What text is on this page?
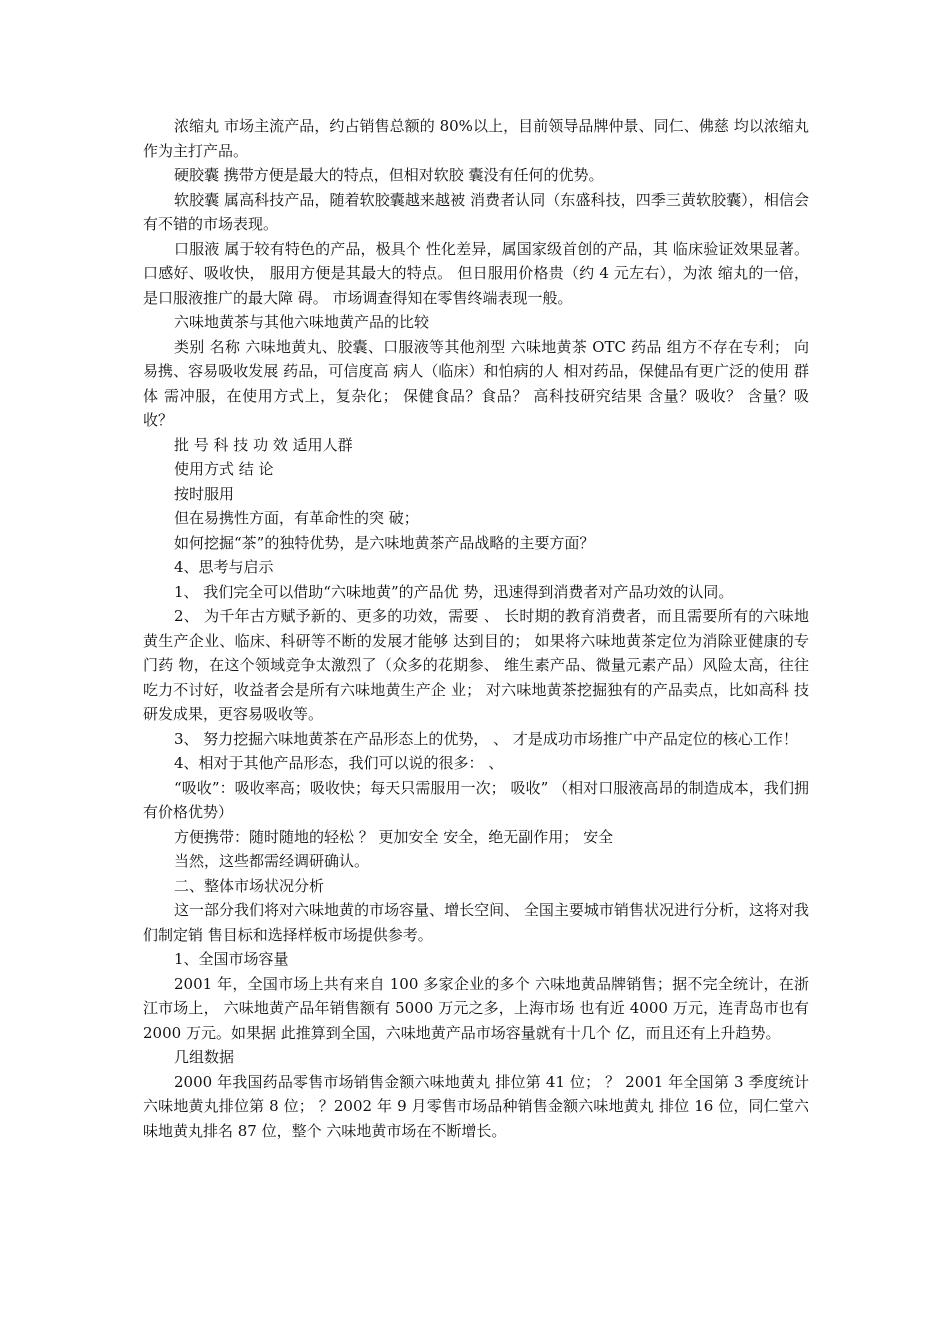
浓缩丸 市场主流产品，约占销售总额的 80%以上，目前领导品牌仲景、同仁、佛慈 均以浓缩丸作为主打产品。

硬胶囊 携带方便是最大的特点，但相对软胶 囊没有任何的优势。

软胶囊 属高科技产品，随着软胶囊越来越被 消费者认同（东盛科技，四季三黄软胶囊），相信会有不错的市场表现。

口服液 属于较有特色的产品，极具个 性化差异，属国家级首创的产品，其 临床验证效果显著。口感好、吸收快， 服用方便是其最大的特点。 但日服用价格贵（约 4 元左右），为浓 缩丸的一倍，是口服液推广的最大障 碍。 市场调查得知在零售终端表现一般。

六味地黄茶与其他六味地黄产品的比较

类别 名称 六味地黄丸、胶囊、口服液等其他剂型 六味地黄茶 OTC 药品 组方不存在专利； 向易携、容易吸收发展 药品，可信度高 病人（临床）和怕病的人 相对药品，保健品有更广泛的使用 群体 需冲服，在使用方式上，复杂化； 保健食品？食品？ 高科技研究结果 含量？吸收？ 含量？吸收？

批 号 科 技 功 效 适用人群

使用方式 结 论

按时服用

但在易携性方面，有革命性的突 破；

如何挖掘“茶”的独特优势，是六味地黄茶产品战略的主要方面？

4、思考与启示

1、 我们完全可以借助“六味地黄”的产品优 势，迅速得到消费者对产品功效的认同。

2、 为千年古方赋予新的、更多的功效，需要 、 长时期的教育消费者，而且需要所有的六味地 黄生产企业、临床、科研等不断的发展才能够 达到目的； 如果将六味地黄茶定位为消除亚健康的专门药 物，在这个领域竞争太激烈了（众多的花期参、 维生素产品、微量元素产品）风险太高，往往 吃力不讨好，收益者会是所有六味地黄生产企 业； 对六味地黄茶挖掘独有的产品卖点，比如高科 技研发成果，更容易吸收等。

3、 努力挖掘六味地黄茶在产品形态上的优势， 、 才是成功市场推广中产品定位的核心工作！

4、相对于其他产品形态，我们可以说的很多： 、

“吸收”：吸收率高；吸收快；每天只需服用一次； 吸收” （相对口服液高昂的制造成本，我们拥有价格优势）

方便携带：随时随地的轻松 ？ 更加安全 安全，绝无副作用； 安全

当然，这些都需经调研确认。

二、整体市场状况分析

这一部分我们将对六味地黄的市场容量、增长空间、 全国主要城市销售状况进行分析，这将对我们制定销 售目标和选择样板市场提供参考。

1、全国市场容量

2001 年，全国市场上共有来自 100 多家企业的多个 六味地黄品牌销售；据不完全统计，在浙江市场上， 六味地黄产品年销售额有 5000 万元之多，上海市场 也有近 4000 万元，连青岛市也有 2000 万元。如果据 此推算到全国，六味地黄产品市场容量就有十几个 亿，而且还有上升趋势。

几组数据

2000 年我国药品零售市场销售金额六味地黄丸 排位第 41 位； ？ 2001 年全国第 3 季度统计六味地黄丸排位第 8 位； ？2002 年 9 月零售市场品种销售金额六味地黄丸 排位 16 位，同仁堂六味地黄丸排名 87 位，整个 六味地黄市场在不断增长。
